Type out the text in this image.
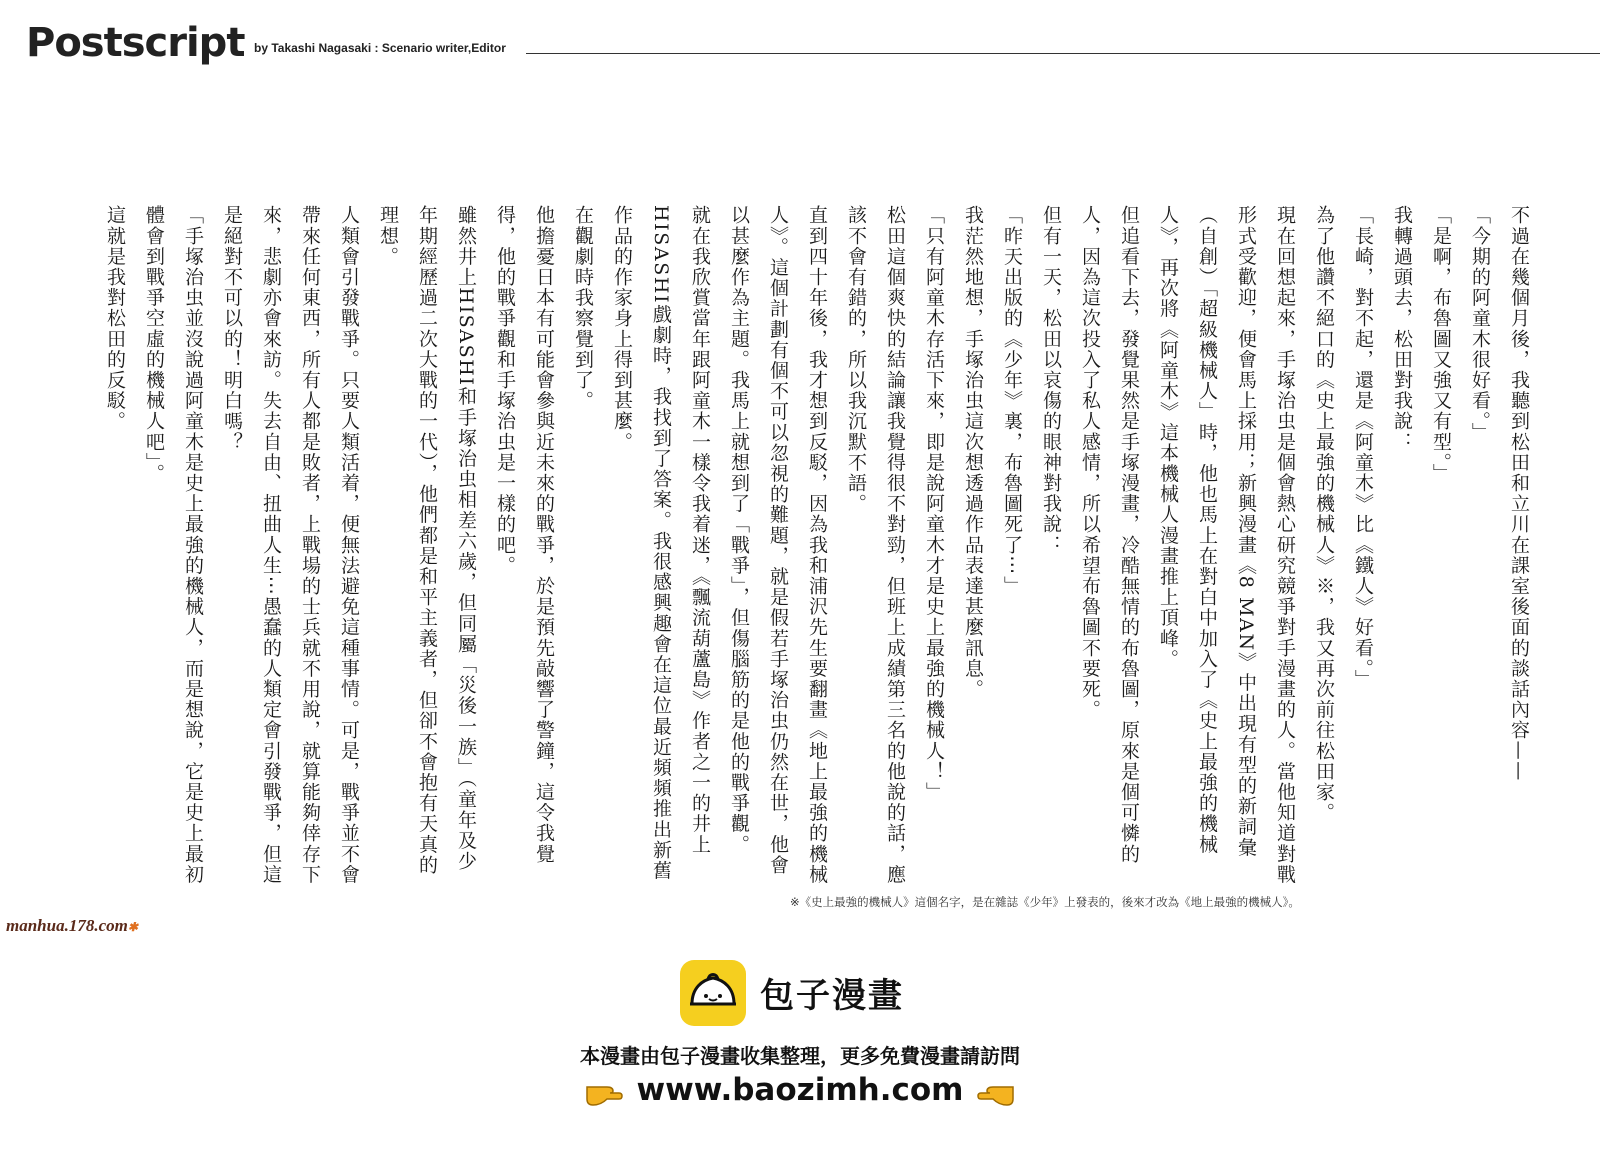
Postscript by Takashi Nagasaki : Scenario writer,Editor

不過在幾個月後，我聽到松田和立川在課室後面的談話內容——

「今期的阿童木很好看。」

「是啊，布魯圖又強又有型。」

我轉過頭去，松田對我說：

「長崎，對不起，還是《阿童木》比《鐵人》好看。」

為了他讚不絕口的《史上最強的機械人》※，我又再次前往松田家。

現在回想起來，手塚治虫是個會熱心研究競爭對手漫畫的人。當他知道對戰形式受歡迎，便會馬上採用；新興漫畫《8 MAN》中出現有型的新詞彙（自創）「超級機械人」時，他也馬上在對白中加入了《史上最強的機械人》，再次將《阿童木》這本機械人漫畫推上頂峰。

但追看下去，發覺果然是手塚漫畫，冷酷無情的布魯圖，原來是個可憐的人，因為這次投入了私人感情，所以希望布魯圖不要死。

但有一天，松田以哀傷的眼神對我說：

「昨天出版的《少年》裏，布魯圖死了⋯」

我茫然地想，手塚治虫這次想透過作品表達甚麼訊息。

「只有阿童木存活下來，即是說阿童木才是史上最強的機械人！」

松田這個爽快的結論讓我覺得很不對勁，但班上成績第三名的他說的話，應該不會有錯的，所以我沉默不語。

直到四十年後，我才想到反駁，因為我和浦沢先生要翻畫《地上最強的機械人》。這個計劃有個不可以忽視的難題，就是假若手塚治虫仍然在世，他會以甚麼作為主題。我馬上就想到了「戰爭」，但傷腦筋的是他的戰爭觀。

就在我欣賞當年跟阿童木一樣令我着迷，《飄流葫蘆島》作者之一的井上HISASHI戲劇時，我找到了答案。我很感興趣會在這位最近頻頻推出新舊作品的作家身上得到甚麼。

在觀劇時我察覺到了。

他擔憂日本有可能會參與近未來的戰爭，於是預先敲響了警鐘，這令我覺得，他的戰爭觀和手塚治虫是一樣的吧。

雖然井上HISASHI和手塚治虫相差六歲，但同屬「災後一族」（童年及少年期經歷過二次大戰的一代），他們都是和平主義者，但卻不會抱有天真的理想。

人類會引發戰爭。只要人類活着，便無法避免這種事情。可是，戰爭並不會帶來任何東西，所有人都是敗者，上戰場的士兵就不用說，就算能夠倖存下來，悲劇亦會來訪。失去自由、扭曲人生⋯愚蠢的人類定會引發戰爭，但這是絕對不可以的！明白嗎？

「手塚治虫並沒說過阿童木是史上最強的機械人，而是想說，它是史上最初體會到戰爭空虛的機械人吧」。

這就是我對松田的反駁。

※《史上最強的機械人》這個名字，是在雜誌《少年》上發表的，後來才改為《地上最強的機械人》。
manhua.178.com✱
包子漫畫
本漫畫由包子漫畫收集整理，更多免費漫畫請訪問
www.baozimh.com
